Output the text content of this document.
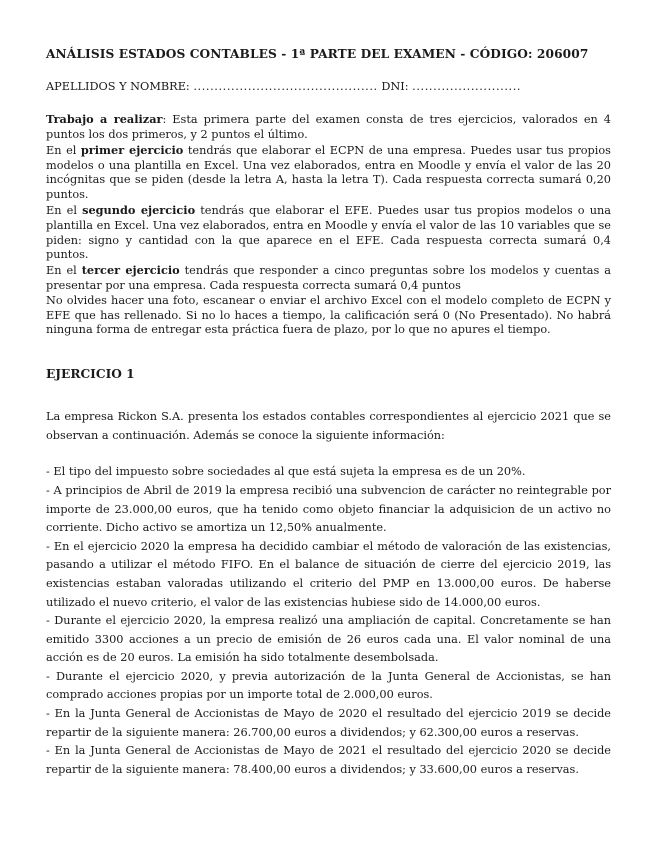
ANÁLISIS ESTADOS CONTABLES - 1ª PARTE DEL EXAMEN - CÓDIGO: 206007

APELLIDOS Y NOMBRE: ............................................ DNI: ..........................

Trabajo a realizar: Esta primera parte del examen consta de tres ejercicios, valorados en 4 puntos los dos primeros, y 2 puntos el último.

En el primer ejercicio tendrás que elaborar el ECPN de una empresa. Puedes usar tus propios modelos o una plantilla en Excel. Una vez elaborados, entra en Moodle y envía el valor de las 20 incógnitas que se piden (desde la letra A, hasta la letra T). Cada respuesta correcta sumará 0,20 puntos.

En el segundo ejercicio tendrás que elaborar el EFE. Puedes usar tus propios modelos o una plantilla en Excel. Una vez elaborados, entra en Moodle y envía el valor de las 10 variables que se piden: signo y cantidad con la que aparece en el EFE. Cada respuesta correcta sumará 0,4 puntos.

En el tercer ejercicio tendrás que responder a cinco preguntas sobre los modelos y cuentas a presentar por una empresa. Cada respuesta correcta sumará 0,4 puntos

No olvides hacer una foto, escanear o enviar el archivo Excel con el modelo completo de ECPN y EFE que has rellenado. Si no lo haces a tiempo, la calificación será 0 (No Presentado). No habrá ninguna forma de entregar esta práctica fuera de plazo, por lo que no apures el tiempo.

EJERCICIO 1

La empresa Rickon S.A. presenta los estados contables correspondientes al ejercicio 2021 que se observan a continuación. Además se conoce la siguiente información:

- El tipo del impuesto sobre sociedades al que está sujeta la empresa es de un 20%.

- A principios de Abril de 2019 la empresa recibió una subvencion de carácter no reintegrable por importe de 23.000,00 euros, que ha tenido como objeto financiar la adquisicion de un activo no corriente. Dicho activo se amortiza un 12,50% anualmente.

- En el ejercicio 2020 la empresa ha decidido cambiar el método de valoración de las existencias, pasando a utilizar el método FIFO. En el balance de situación de cierre del ejercicio 2019, las existencias estaban valoradas utilizando el criterio del PMP en 13.000,00 euros. De haberse utilizado el nuevo criterio, el valor de las existencias hubiese sido de 14.000,00 euros.

- Durante el ejercicio 2020, la empresa realizó una ampliación de capital. Concretamente se han emitido 3300 acciones a un precio de emisión de 26 euros cada una. El valor nominal de una acción es de 20 euros. La emisión ha sido totalmente desembolsada.

- Durante el ejercicio 2020, y previa autorización de la Junta General de Accionistas, se han comprado acciones propias por un importe total de 2.000,00 euros.

- En la Junta General de Accionistas de Mayo de 2020 el resultado del ejercicio 2019 se decide repartir de la siguiente manera: 26.700,00 euros a dividendos; y 62.300,00 euros a reservas.

- En la Junta General de Accionistas de Mayo de 2021 el resultado del ejercicio 2020 se decide repartir de la siguiente manera: 78.400,00 euros a dividendos; y 33.600,00 euros a reservas.
